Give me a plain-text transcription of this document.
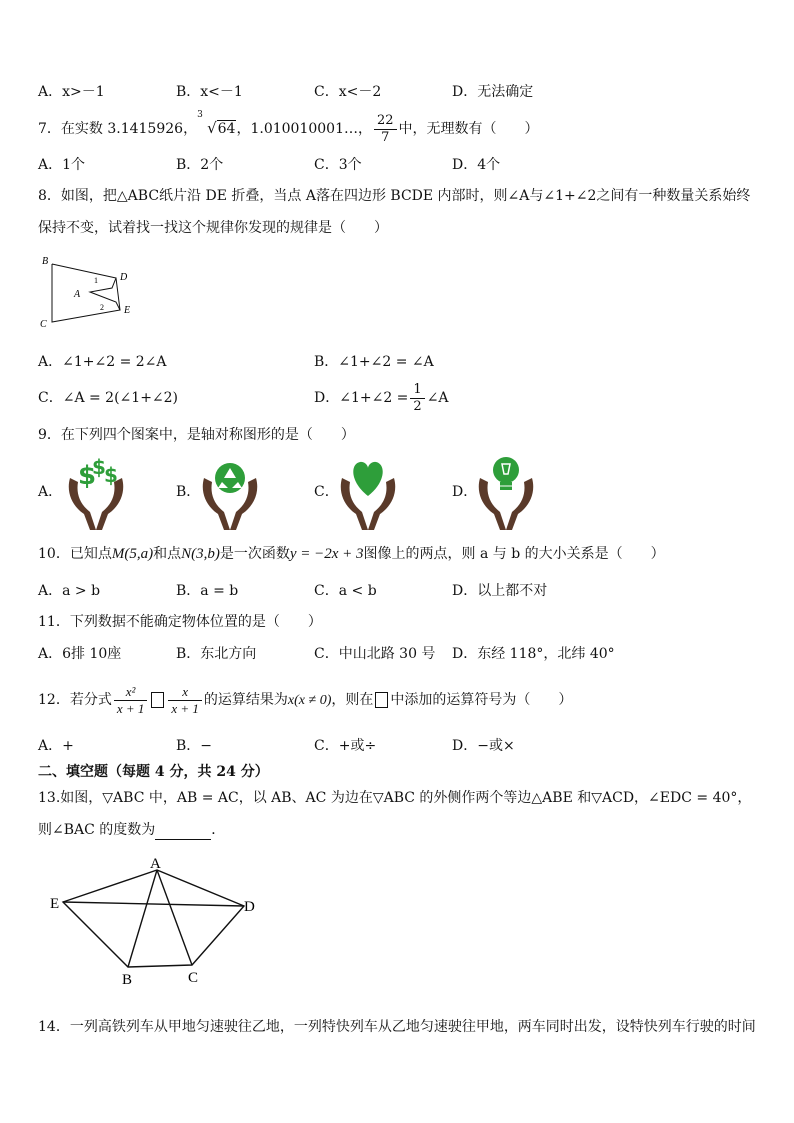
A．x>－1	B．x<－1	C．x<－2	D．无法确定
7．在实数 3.1415926，
3
√64，1.010010001…， $\frac{22}{7}$ 中，无理数有（　　）
A．1个	B．2个	C．3个	D．4个
8．如图，把△ABC纸片沿 DE 折叠，当点 A落在四边形 BCDE 内部时，则∠A与∠1+∠2之间有一种数量关系始终
保持不变，试着找一找这个规律你发现的规律是（　　）
B
D
A
C
E
1
2
A．∠1+∠2 = 2∠A	B．∠1+∠2 = ∠A
C．∠A = 2(∠1+∠2)	D．∠1+∠2 = $\frac{1}{2}$ ∠A
9．在下列四个图案中，是轴对称图形的是（　　）
A．	B．	C．	D．
$
$
$
10．已知点M(5,a)和点N(3,b)是一次函数y = −2x + 3图像上的两点，则 a 与 b 的大小关系是（　　）
A．a > b	B．a = b	C．a < b	D．以上都不对
11．下列数据不能确定物体位置的是（　　）
A．6排 10座	B．东北方向	C．中山北路 30 号 D．东经 118°，北纬 40°
12．若分式 $\frac{\text{x²}}{x + 1} \frac{x}{x + 1}$ 的运算结果为x(x ≠ 0)，则在 中添加的运算符号为（　　）
A．+	B．−	C．+或÷	D．−或×
二、填空题（每题 4 分，共 24 分）
13.如图，▽ABC 中，AB = AC，以 AB、AC 为边在▽ABC 的外侧作两个等边△ABE 和▽ACD，∠EDC = 40°，
则∠BAC 的度数为	．
A
E	D
B	C
14．一列高铁列车从甲地匀速驶往乙地，一列特快列车从乙地匀速驶往甲地，两车同时出发，设特快列车行驶的时间
